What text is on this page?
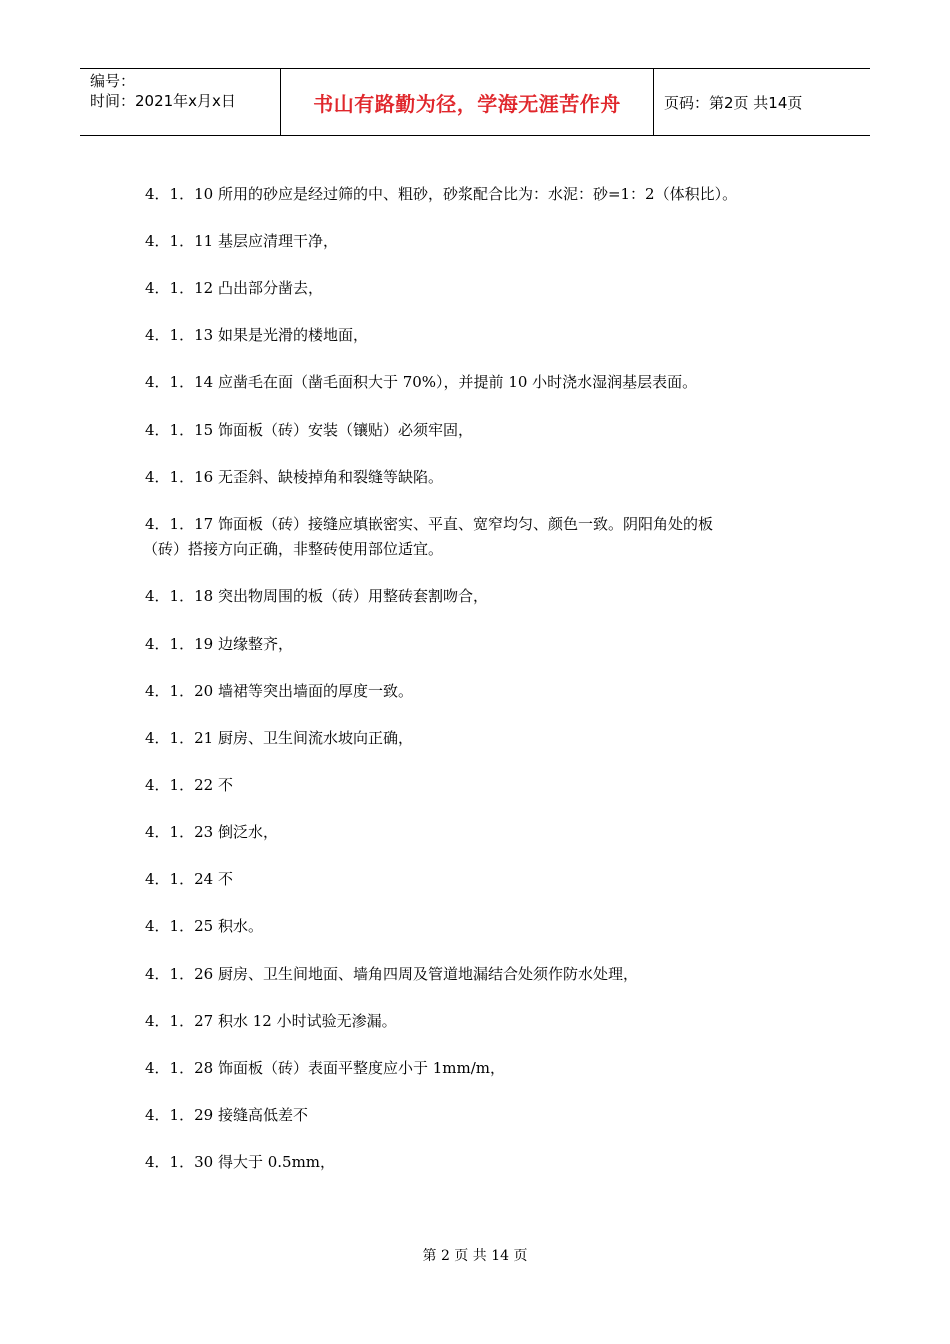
编号：
时间：2021年x月x日	书山有路勤为径，学海无涯苦作舟	页码：第2页 共14页
4．1．10 所用的砂应是经过筛的中、粗砂，砂浆配合比为：水泥：砂=1：2（体积比）。
4．1．11 基层应清理干净，
4．1．12 凸出部分凿去，
4．1．13 如果是光滑的楼地面，
4．1．14 应凿毛在面（凿毛面积大于 70%），并提前 10 小时浇水湿润基层表面。
4．1．15 饰面板（砖）安装（镶贴）必须牢固，
4．1．16 无歪斜、缺棱掉角和裂缝等缺陷。
4．1．17 饰面板（砖）接缝应填嵌密实、平直、宽窄均匀、颜色一致。阴阳角处的板
（砖）搭接方向正确，非整砖使用部位适宜。
4．1．18 突出物周围的板（砖）用整砖套割吻合，
4．1．19 边缘整齐，
4．1．20 墙裙等突出墙面的厚度一致。
4．1．21 厨房、卫生间流水坡向正确，
4．1．22 不
4．1．23 倒泛水，
4．1．24 不
4．1．25 积水。
4．1．26 厨房、卫生间地面、墙角四周及管道地漏结合处须作防水处理，
4．1．27 积水 12 小时试验无渗漏。
4．1．28 饰面板（砖）表面平整度应小于 1mm/m，
4．1．29 接缝高低差不
4．1．30 得大于 0.5mm，
第 2 页 共 14 页
